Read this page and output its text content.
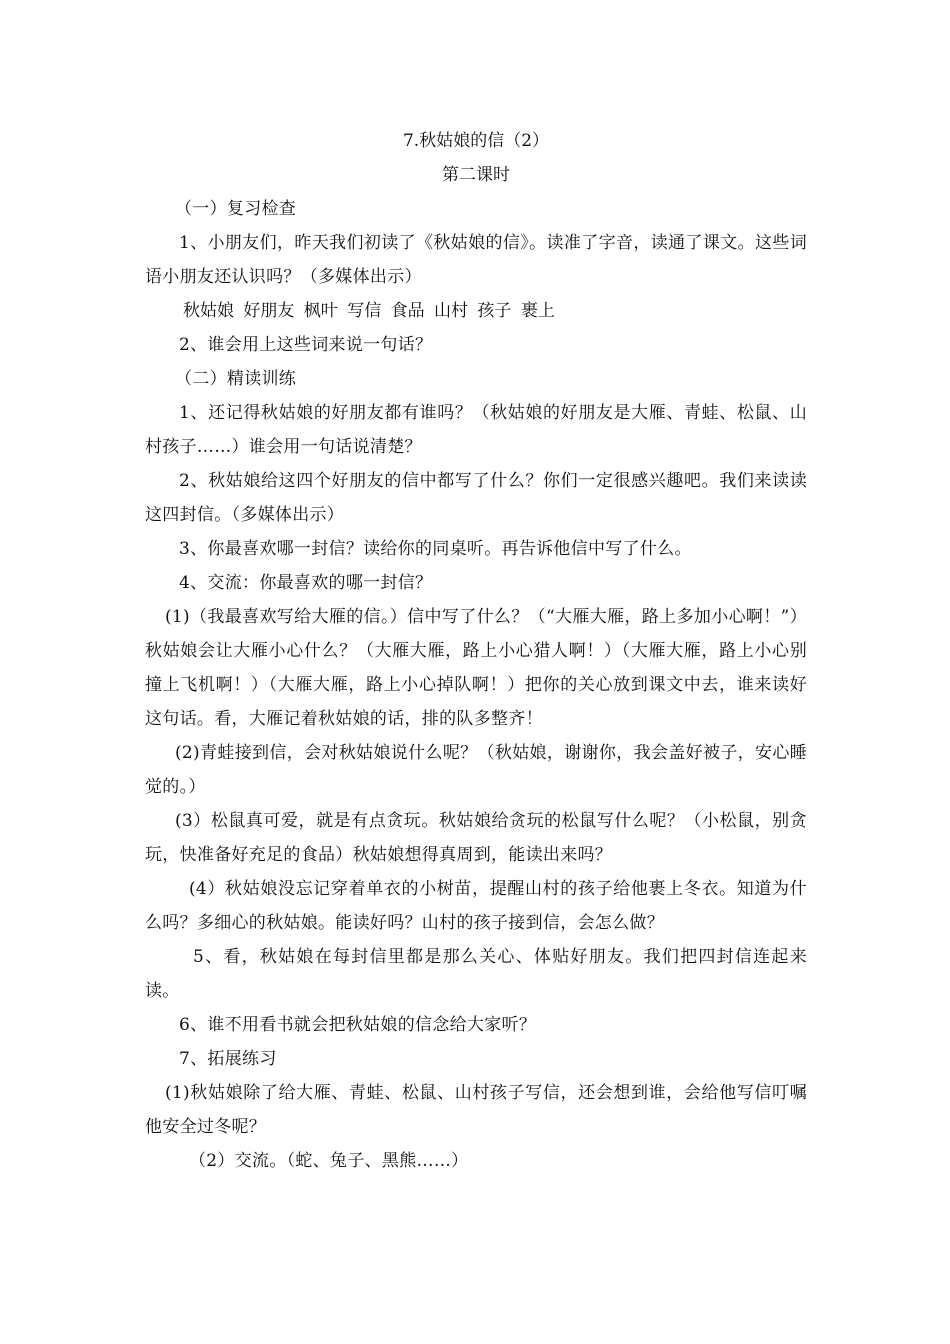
7.秋姑娘的信（2）

第二课时

（一）复习检查

1、小朋友们，昨天我们初读了《秋姑娘的信》。读准了字音，读通了课文。这些词语小朋友还认识吗？（多媒体出示）

秋姑娘 好朋友 枫叶 写信 食品 山村 孩子 裹上

2、谁会用上这些词来说一句话？

（二）精读训练

1、还记得秋姑娘的好朋友都有谁吗？（秋姑娘的好朋友是大雁、青蛙、松鼠、山村孩子……）谁会用一句话说清楚？

2、秋姑娘给这四个好朋友的信中都写了什么？你们一定很感兴趣吧。我们来读读这四封信。（多媒体出示）

3、你最喜欢哪一封信？读给你的同桌听。再告诉他信中写了什么。

4、交流：你最喜欢的哪一封信？

(1)（我最喜欢写给大雁的信。）信中写了什么？（“大雁大雁，路上多加小心啊！”）秋姑娘会让大雁小心什么？（大雁大雁，路上小心猎人啊！）（大雁大雁，路上小心别撞上飞机啊！）（大雁大雁，路上小心掉队啊！）把你的关心放到课文中去，谁来读好这句话。看，大雁记着秋姑娘的话，排的队多整齐！

(2)青蛙接到信，会对秋姑娘说什么呢？（秋姑娘，谢谢你，我会盖好被子，安心睡觉的。）

(3）松鼠真可爱，就是有点贪玩。秋姑娘给贪玩的松鼠写什么呢？（小松鼠，别贪玩，快准备好充足的食品）秋姑娘想得真周到，能读出来吗？

(4）秋姑娘没忘记穿着单衣的小树苗，提醒山村的孩子给他裹上冬衣。知道为什么吗？多细心的秋姑娘。能读好吗？山村的孩子接到信，会怎么做？

5、看，秋姑娘在每封信里都是那么关心、体贴好朋友。我们把四封信连起来读。

6、谁不用看书就会把秋姑娘的信念给大家听？

7、拓展练习

(1)秋姑娘除了给大雁、青蛙、松鼠、山村孩子写信，还会想到谁，会给他写信叮嘱他安全过冬呢？

（2）交流。（蛇、兔子、黑熊……）
